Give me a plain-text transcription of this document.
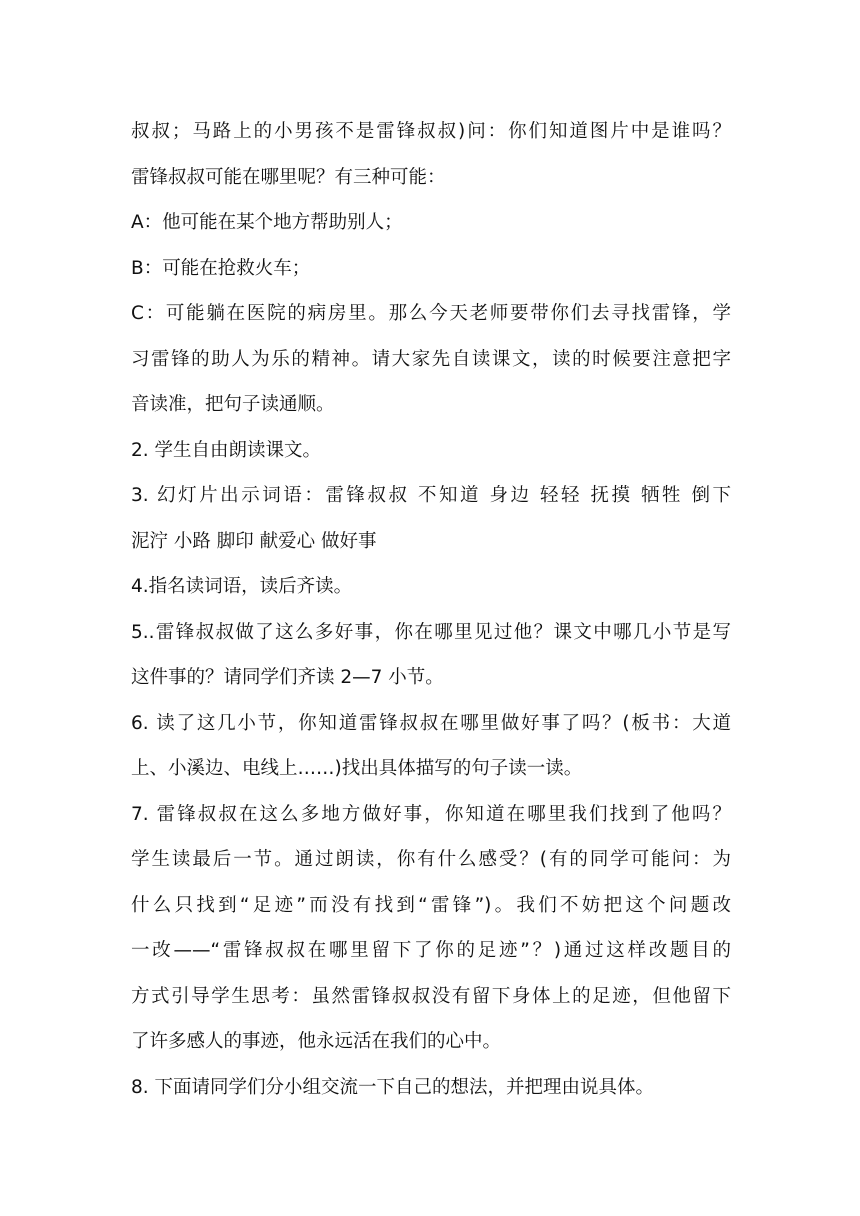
叔叔；马路上的小男孩不是雷锋叔叔)问：你们知道图片中是谁吗？
雷锋叔叔可能在哪里呢？有三种可能：
A：他可能在某个地方帮助别人；
B：可能在抢救火车；
C：可能躺在医院的病房里。那么今天老师要带你们去寻找雷锋，学
习雷锋的助人为乐的精神。请大家先自读课文，读的时候要注意把字
音读准，把句子读通顺。
2. 学生自由朗读课文。
3. 幻灯片出示词语：雷锋叔叔 不知道 身边 轻轻 抚摸 牺牲 倒下
泥泞 小路 脚印 献爱心 做好事
4.指名读词语，读后齐读。
5..雷锋叔叔做了这么多好事，你在哪里见过他？课文中哪几小节是写
这件事的？请同学们齐读 2—7 小节。
6. 读了这几小节，你知道雷锋叔叔在哪里做好事了吗？(板书：大道
上、小溪边、电线上……)找出具体描写的句子读一读。
7. 雷锋叔叔在这么多地方做好事，你知道在哪里我们找到了他吗？
学生读最后一节。通过朗读，你有什么感受？(有的同学可能问：为
什么只找到“足迹”而没有找到“雷锋”)。我们不妨把这个问题改
一改——“雷锋叔叔在哪里留下了你的足迹”？)通过这样改题目的
方式引导学生思考：虽然雷锋叔叔没有留下身体上的足迹，但他留下
了许多感人的事迹，他永远活在我们的心中。
8. 下面请同学们分小组交流一下自己的想法，并把理由说具体。
